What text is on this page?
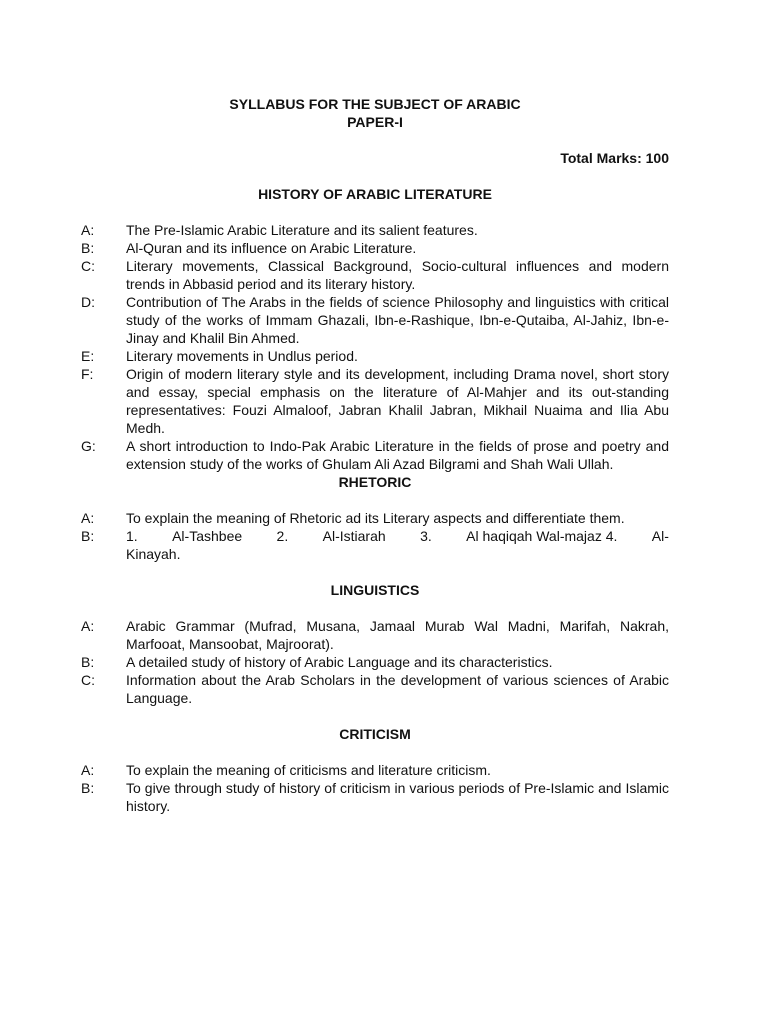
SYLLABUS FOR THE SUBJECT OF ARABIC
PAPER-I
Total Marks: 100
HISTORY OF ARABIC LITERATURE
A:	The Pre-Islamic Arabic Literature and its salient features.
B:	Al-Quran and its influence on Arabic Literature.
C:	Literary movements, Classical Background, Socio-cultural influences and modern trends in Abbasid period and its literary history.
D:	Contribution of The Arabs in the fields of science Philosophy and linguistics with critical study of the works of Immam Ghazali, Ibn-e-Rashique, Ibn-e-Qutaiba, Al-Jahiz, Ibn-e-Jinay and Khalil Bin Ahmed.
E:	Literary movements in Undlus period.
F:	Origin of modern literary style and its development, including Drama novel, short story and essay, special emphasis on the literature of Al-Mahjer and its out-standing representatives: Fouzi Almaloof, Jabran Khalil Jabran, Mikhail Nuaima and Ilia Abu Medh.
G:	A short introduction to Indo-Pak Arabic Literature in the fields of prose and poetry and extension study of the works of Ghulam Ali Azad Bilgrami and Shah Wali Ullah.
RHETORIC
A:	To explain the meaning of Rhetoric ad its Literary aspects and differentiate them.
B:	1. Al-Tashbee 2. Al-Istiarah 3. Al haqiqah Wal-majaz 4. Al-
Kinayah.
LINGUISTICS
A:	Arabic Grammar (Mufrad, Musana, Jamaal Murab Wal Madni, Marifah, Nakrah, Marfooat, Mansoobat, Majroorat).
B:	A detailed study of history of Arabic Language and its characteristics.
C:	Information about the Arab Scholars in the development of various sciences of Arabic Language.
CRITICISM
A:	To explain the meaning of criticisms and literature criticism.
B:	To give through study of history of criticism in various periods of Pre-Islamic and Islamic history.
